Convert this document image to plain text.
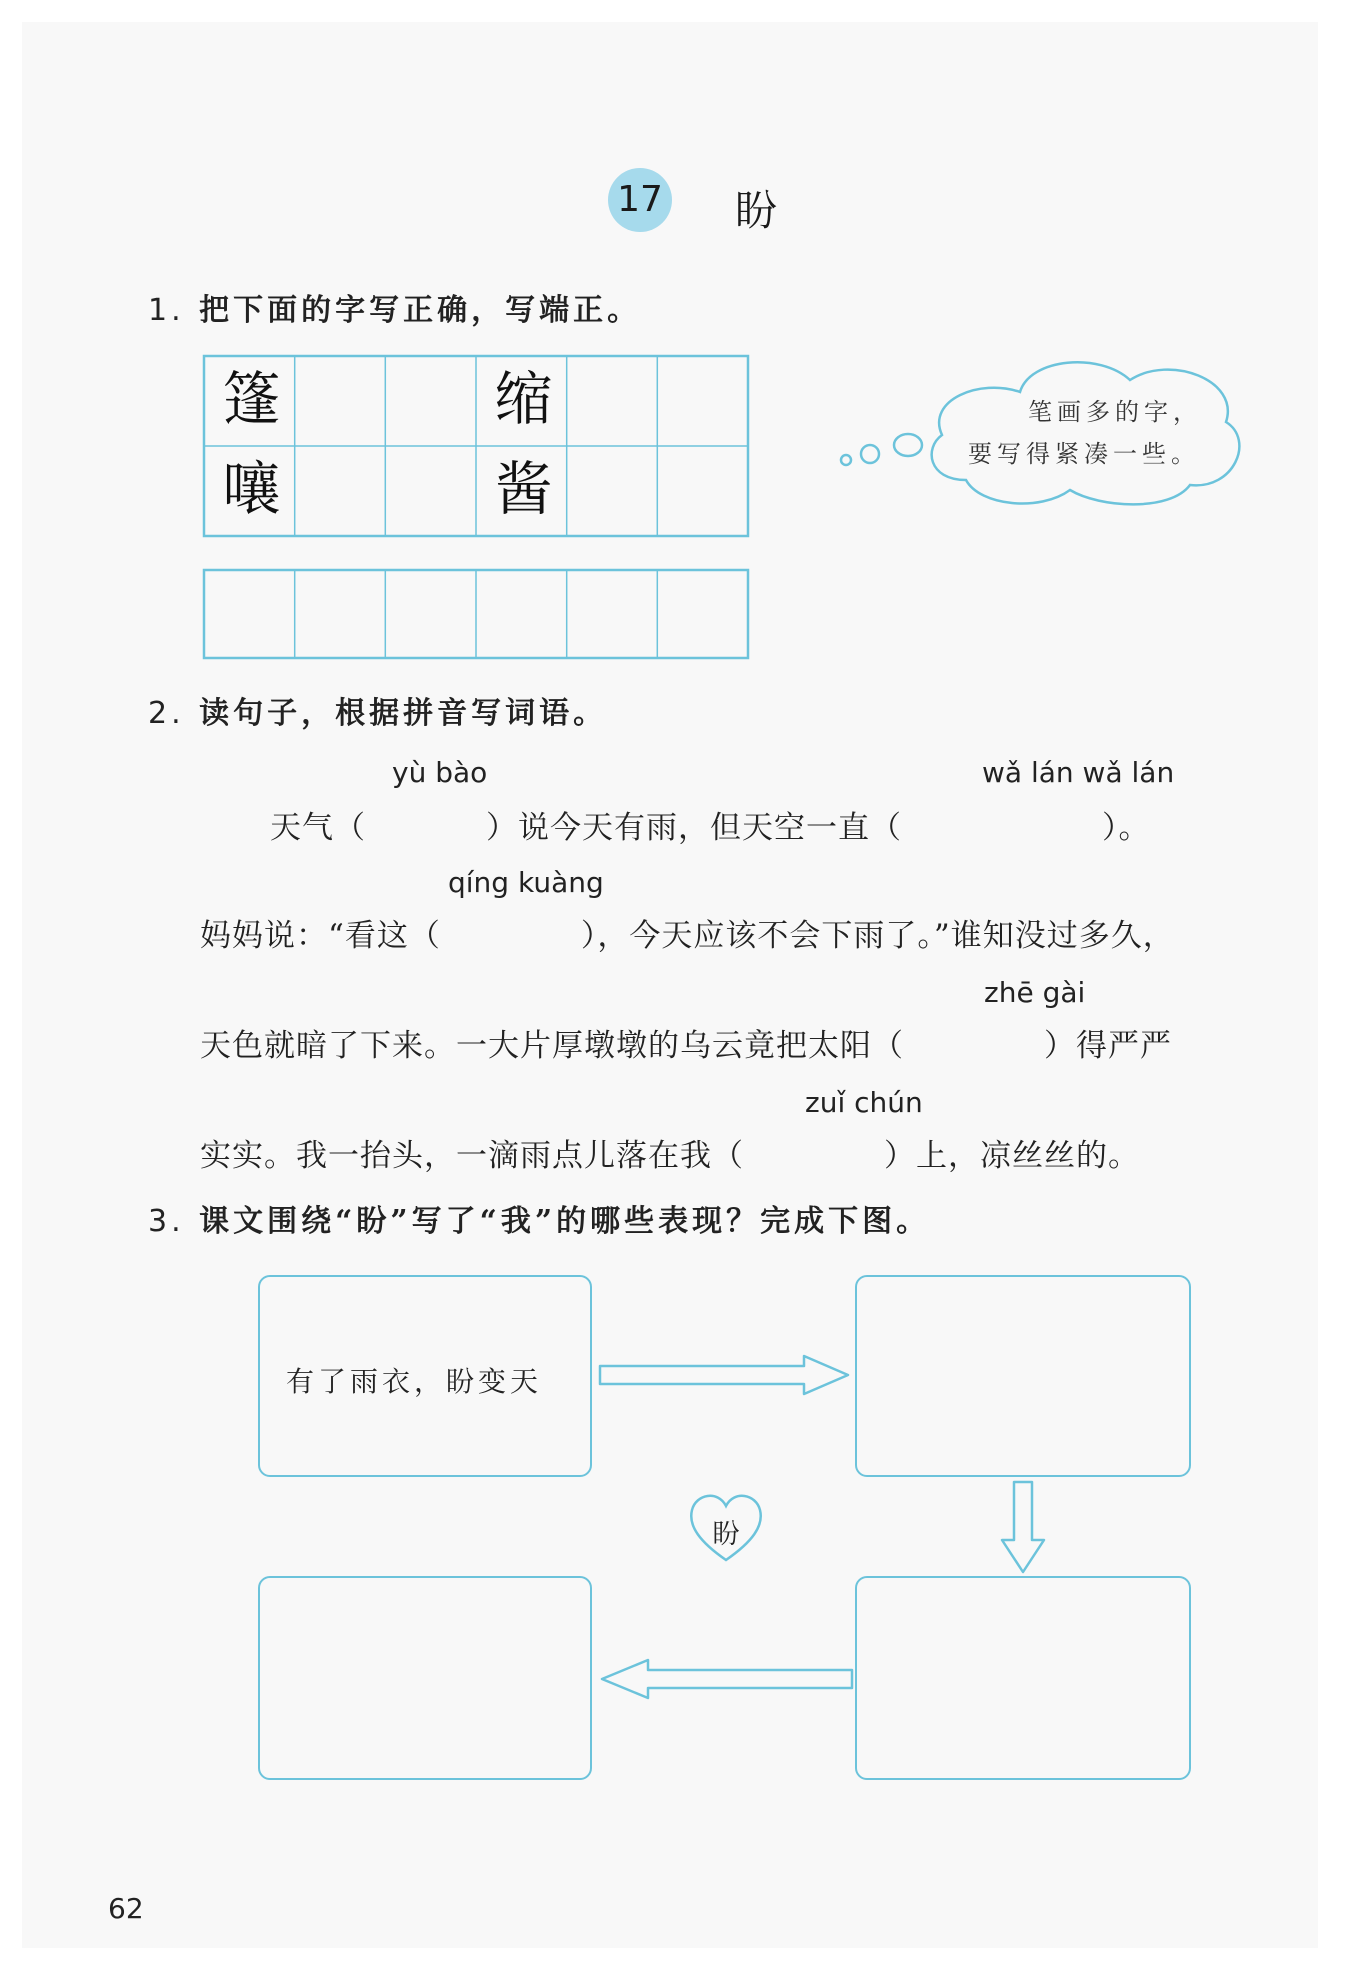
17 盼
1. 把下面的字写正确，写端正。
篷	缩
嚷	酱
笔画多的字，
要写得紧凑一些。
2. 读句子，根据拼音写词语。
yù bào	wǎ lán wǎ lán
天气（	）说今天有雨，但天空一直（	）。
qíng kuàng
妈妈说：“看这（	），今天应该不会下雨了。”谁知没过多久，
zhē gài
天色就暗了下来。一大片厚墩墩的乌云竟把太阳（	）得严严
zuǐ chún
实实。我一抬头，一滴雨点儿落在我（	）上，凉丝丝的。
3. 课文围绕“盼”写了“我”的哪些表现？完成下图。
有了雨衣，盼变天
盼
62
